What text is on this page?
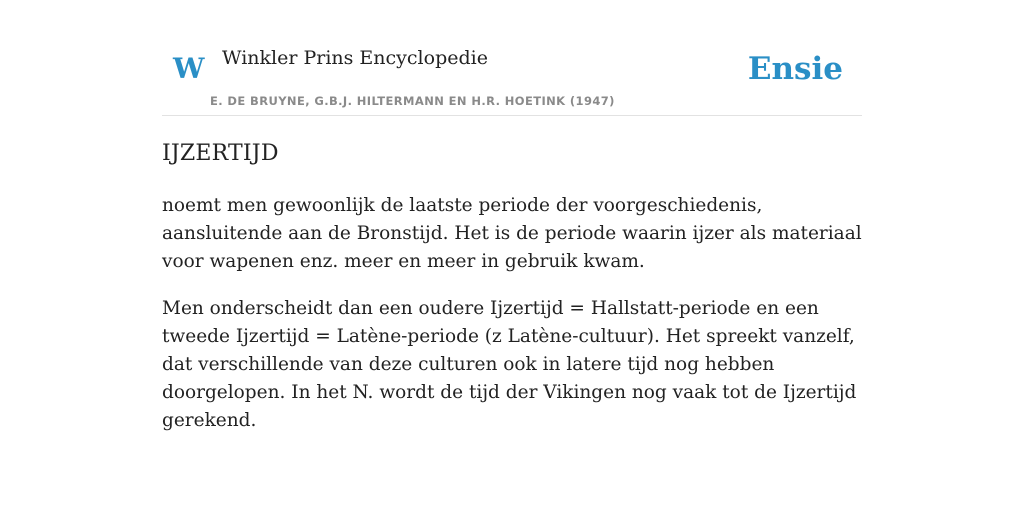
W Winkler Prins Encyclopedie
E. DE BRUYNE, G.B.J. HILTERMANN EN H.R. HOETINK (1947)
Ensie
IJZERTIJD

noemt men gewoonlijk de laatste periode der voorgeschiedenis, aansluitende aan de Bronstijd. Het is de periode waarin ijzer als materiaal voor wapenen enz. meer en meer in gebruik kwam.

Men onderscheidt dan een oudere Ijzertijd = Hallstatt-periode en een tweede Ijzertijd = Latène-periode (z Latène-cultuur). Het spreekt vanzelf, dat verschillende van deze culturen ook in latere tijd nog hebben doorgelopen. In het N. wordt de tijd der Vikingen nog vaak tot de Ijzertijd gerekend.
